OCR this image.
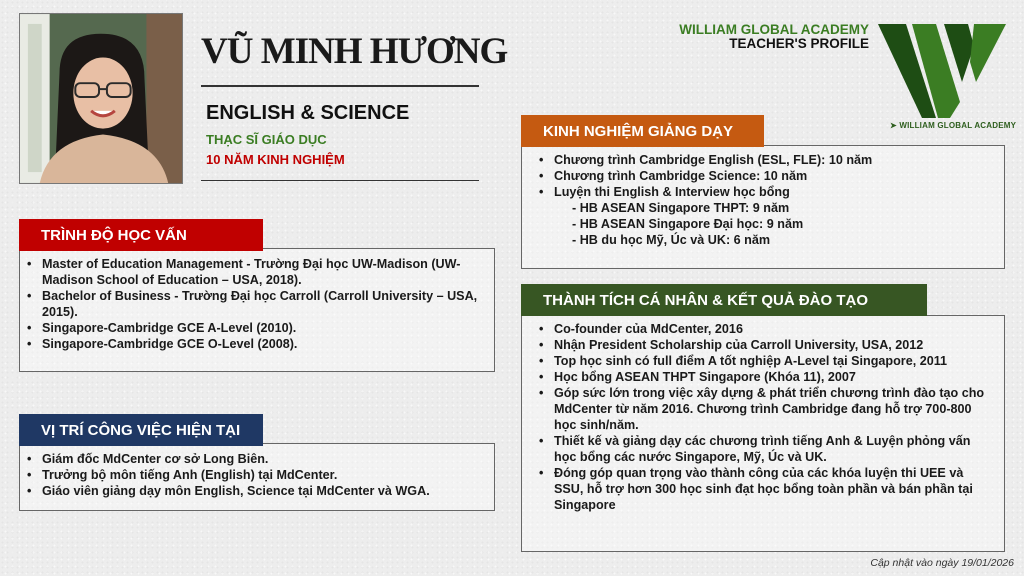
VŨ MINH HƯƠNG
ENGLISH & SCIENCE
THẠC SĨ GIÁO DỤC
10 NĂM KINH NGHIỆM
WILLIAM GLOBAL ACADEMY
TEACHER'S PROFILE
➤ WILLIAM GLOBAL ACADEMY
• Master of Education Management - Trường Đại học UW-Madison (UW-Madison School of Education – USA, 2018).
• Bachelor of Business - Trường Đại học Carroll (Carroll University – USA, 2015).
• Singapore-Cambridge GCE A-Level (2010).
• Singapore-Cambridge GCE O-Level (2008).
TRÌNH ĐỘ HỌC VẤN
• Giám đốc MdCenter cơ sở Long Biên.
• Trưởng bộ môn tiếng Anh (English) tại MdCenter.
• Giáo viên giảng dạy môn English, Science tại MdCenter và WGA.
VỊ TRÍ CÔNG VIỆC HIỆN TẠI
• Chương trình Cambridge English (ESL, FLE): 10 năm
• Chương trình Cambridge Science: 10 năm
• Luyện thi English & Interview học bổng
- HB ASEAN Singapore THPT: 9 năm
- HB ASEAN Singapore Đại học: 9 năm
- HB du học Mỹ, Úc và UK: 6 năm
KINH NGHIỆM GIẢNG DẠY
• Co-founder của MdCenter, 2016
• Nhận President Scholarship của Carroll University, USA, 2012
• Top học sinh có full điểm A tốt nghiệp A-Level tại Singapore, 2011
• Học bổng ASEAN THPT Singapore (Khóa 11), 2007
• Góp sức lớn trong việc xây dựng & phát triển chương trình đào tạo cho MdCenter từ năm 2016. Chương trình Cambridge đang hỗ trợ 700-800 học sinh/năm.
• Thiết kế và giảng dạy các chương trình tiếng Anh & Luyện phỏng vấn học bổng các nước Singapore, Mỹ, Úc và UK.
• Đóng góp quan trọng vào thành công của các khóa luyện thi UEE và SSU, hỗ trợ hơn 300 học sinh đạt học bổng toàn phần và bán phần tại Singapore
THÀNH TÍCH CÁ NHÂN & KẾT QUẢ ĐÀO TẠO
Cập nhật vào ngày 19/01/2026
